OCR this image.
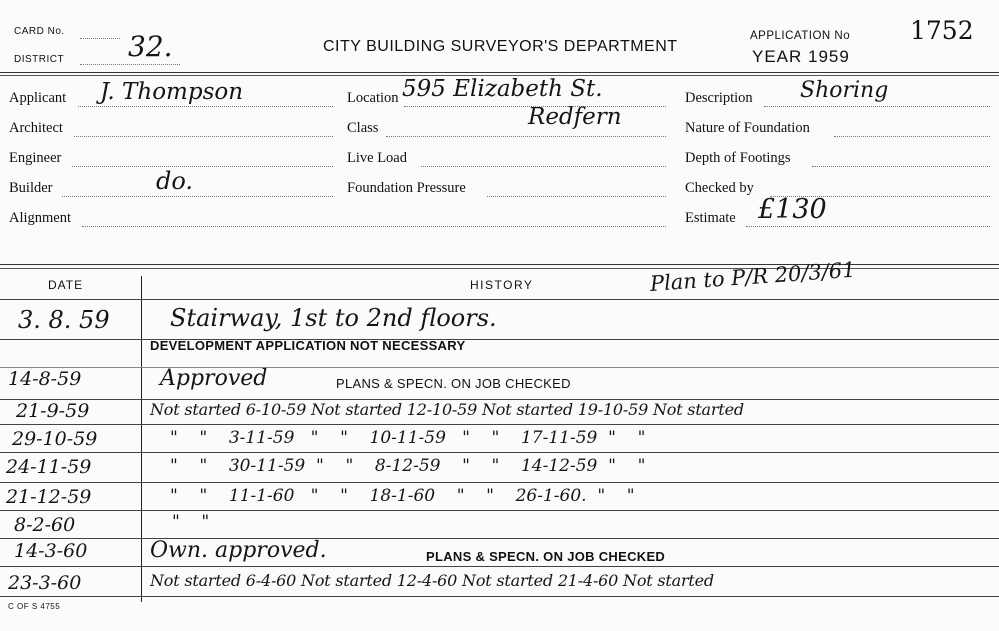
CARD No.
DISTRICT 32.	CITY BUILDING SURVEYOR'S DEPARTMENT
APPLICATION No 1752
YEAR 1959
Applicant J. Thompson
Architect
Engineer
Builder	do.
Alignment
Location 595 Elizabeth St.
Redfern
Class
Live Load
Foundation Pressure
Description Shoring
Nature of Foundation
Depth of Footings
Checked by
Estimate £130
DATE	HISTORY	Plan to P/R 20/3/61
3. 8. 59	Stairway, 1st to 2nd floors.
DEVELOPMENT APPLICATION NOT NECESSARY
14-8-59	Approved	PLANS & SPECN. ON JOB CHECKED
21-9-59	Not started 6-10-59 Not started 12-10-59 Not started 19-10-59 Not started
29-10-59	"    "    3-11-59   "    "    10-11-59   "    "    17-11-59  "    "
24-11-59	"    "    30-11-59  "    "    8-12-59    "    "    14-12-59  "    "
21-12-59	"    "    11-1-60   "    "    18-1-60    "    "    26-1-60.  "    "
8-2-60	"    "
14-3-60	Own. approved.	PLANS & SPECN. ON JOB CHECKED
23-3-60	Not started 6-4-60 Not started 12-4-60 Not started 21-4-60 Not started
C OF S 4755
